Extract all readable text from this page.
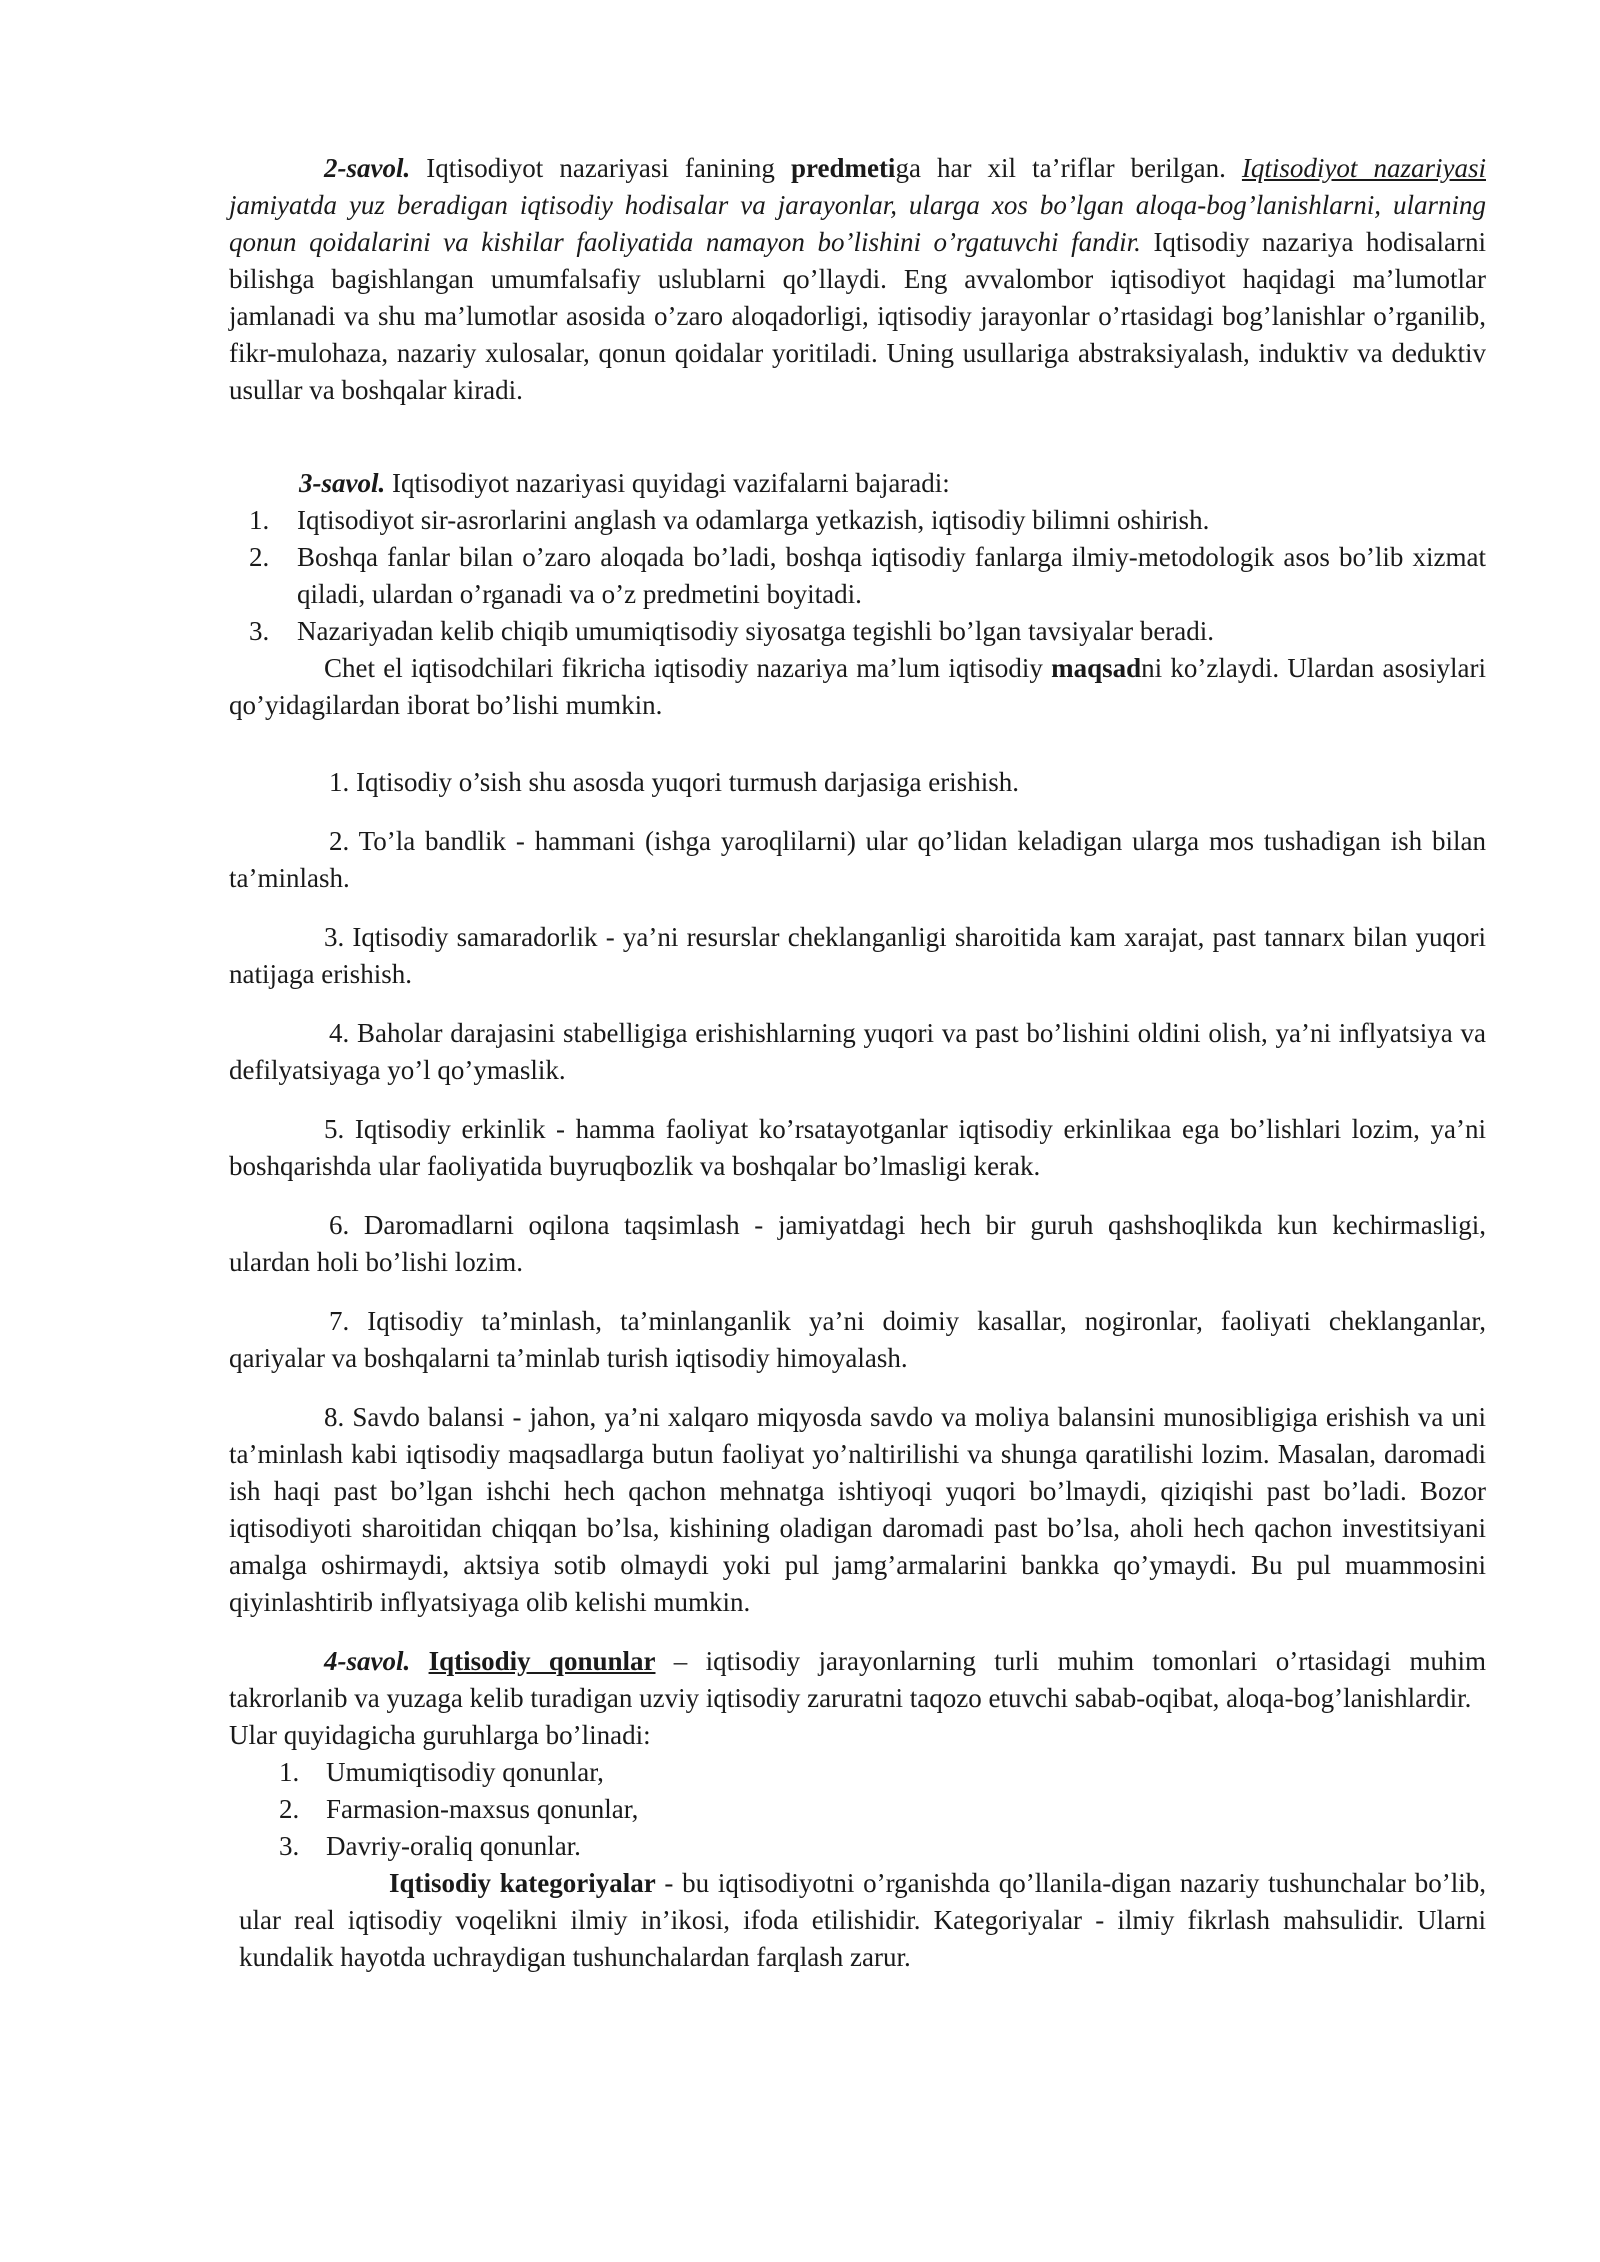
2-savol. Iqtisodiyot nazariyasi fanining predmetiga har xil ta’riflar berilgan. Iqtisodiyot nazariyasi jamiyatda yuz beradigan iqtisodiy hodisalar va jarayonlar, ularga xos bo’lgan aloqa-bog’lanishlarni, ularning qonun qoidalarini va kishilar faoliyatida namayon bo’lishini o’rgatuvchi fandir. Iqtisodiy nazariya hodisalarni bilishga bagishlangan umumfalsafiy uslublarni qo’llaydi. Eng avvalombor iqtisodiyot haqidagi ma’lumotlar jamlanadi va shu ma’lumotlar asosida o’zaro aloqadorligi, iqtisodiy jarayonlar o’rtasidagi bog’lanishlar o’rganilib, fikr-mulohaza, nazariy xulosalar, qonun qoidalar yoritiladi. Uning usullariga abstraksiyalash, induktiv va deduktiv usullar va boshqalar kiradi.

3-savol. Iqtisodiyot nazariyasi quyidagi vazifalarni bajaradi:

1. Iqtisodiyot sir-asrorlarini anglash va odamlarga yetkazish, iqtisodiy bilimni oshirish.
2. Boshqa fanlar bilan o’zaro aloqada bo’ladi, boshqa iqtisodiy fanlarga ilmiy-metodologik asos bo’lib xizmat qiladi, ulardan o’rganadi va o’z predmetini boyitadi.
3. Nazariyadan kelib chiqib umumiqtisodiy siyosatga tegishli bo’lgan tavsiyalar beradi.

Chet el iqtisodchilari fikricha iqtisodiy nazariya ma’lum iqtisodiy maqsadni ko’zlaydi. Ulardan asosiylari qo’yidagilardan iborat bo’lishi mumkin.

1. Iqtisodiy o’sish shu asosda yuqori turmush darjasiga erishish.

2. To’la bandlik - hammani (ishga yaroqlilarni) ular qo’lidan keladigan ularga mos tushadigan ish bilan ta’minlash.

3. Iqtisodiy samaradorlik - ya’ni resurslar cheklanganligi sharoitida kam xarajat, past tannarx bilan yuqori natijaga erishish.

4. Baholar darajasini stabelligiga erishishlarning yuqori va past bo’lishini oldini olish, ya’ni inflyatsiya va defilyatsiyaga yo’l qo’ymaslik.

5. Iqtisodiy erkinlik - hamma faoliyat ko’rsatayotganlar iqtisodiy erkinlikaa ega bo’lishlari lozim, ya’ni boshqarishda ular faoliyatida buyruqbozlik va boshqalar bo’lmasligi kerak.

6. Daromadlarni oqilona taqsimlash - jamiyatdagi hech bir guruh qashshoqlikda kun kechirmasligi, ulardan holi bo’lishi lozim.

7. Iqtisodiy ta’minlash, ta’minlanganlik ya’ni doimiy kasallar, nogironlar, faoliyati cheklanganlar, qariyalar va boshqalarni ta’minlab turish iqtisodiy himoyalash.

8. Savdo balansi - jahon, ya’ni xalqaro miqyosda savdo va moliya balansini munosibligiga erishish va uni ta’minlash kabi iqtisodiy maqsadlarga butun faoliyat yo’naltirilishi va shunga qaratilishi lozim. Masalan, daromadi ish haqi past bo’lgan ishchi hech qachon mehnatga ishtiyoqi yuqori bo’lmaydi, qiziqishi past bo’ladi. Bozor iqtisodiyoti sharoitidan chiqqan bo’lsa, kishining oladigan daromadi past bo’lsa, aholi hech qachon investitsiyani amalga oshirmaydi, aktsiya sotib olmaydi yoki pul jamg’armalarini bankka qo’ymaydi. Bu pul muammosini qiyinlashtirib inflyatsiyaga olib kelishi mumkin.

4-savol. Iqtisodiy qonunlar – iqtisodiy jarayonlarning turli muhim tomonlari o’rtasidagi muhim takrorlanib va yuzaga kelib turadigan uzviy iqtisodiy zaruratni taqozo etuvchi sabab-oqibat, aloqa-bog’lanishlardir.

Ular quyidagicha guruhlarga bo’linadi:

1. Umumiqtisodiy qonunlar,
2. Farmasion-maxsus qonunlar,
3. Davriy-oraliq qonunlar.

Iqtisodiy kategoriyalar - bu iqtisodiyotni o’rganishda qo’llanila-digan nazariy tushunchalar bo’lib, ular real iqtisodiy voqelikni ilmiy in’ikosi, ifoda etilishidir. Kategoriyalar - ilmiy fikrlash mahsulidir. Ularni kundalik hayotda uchraydigan tushunchalardan farqlash zarur.
